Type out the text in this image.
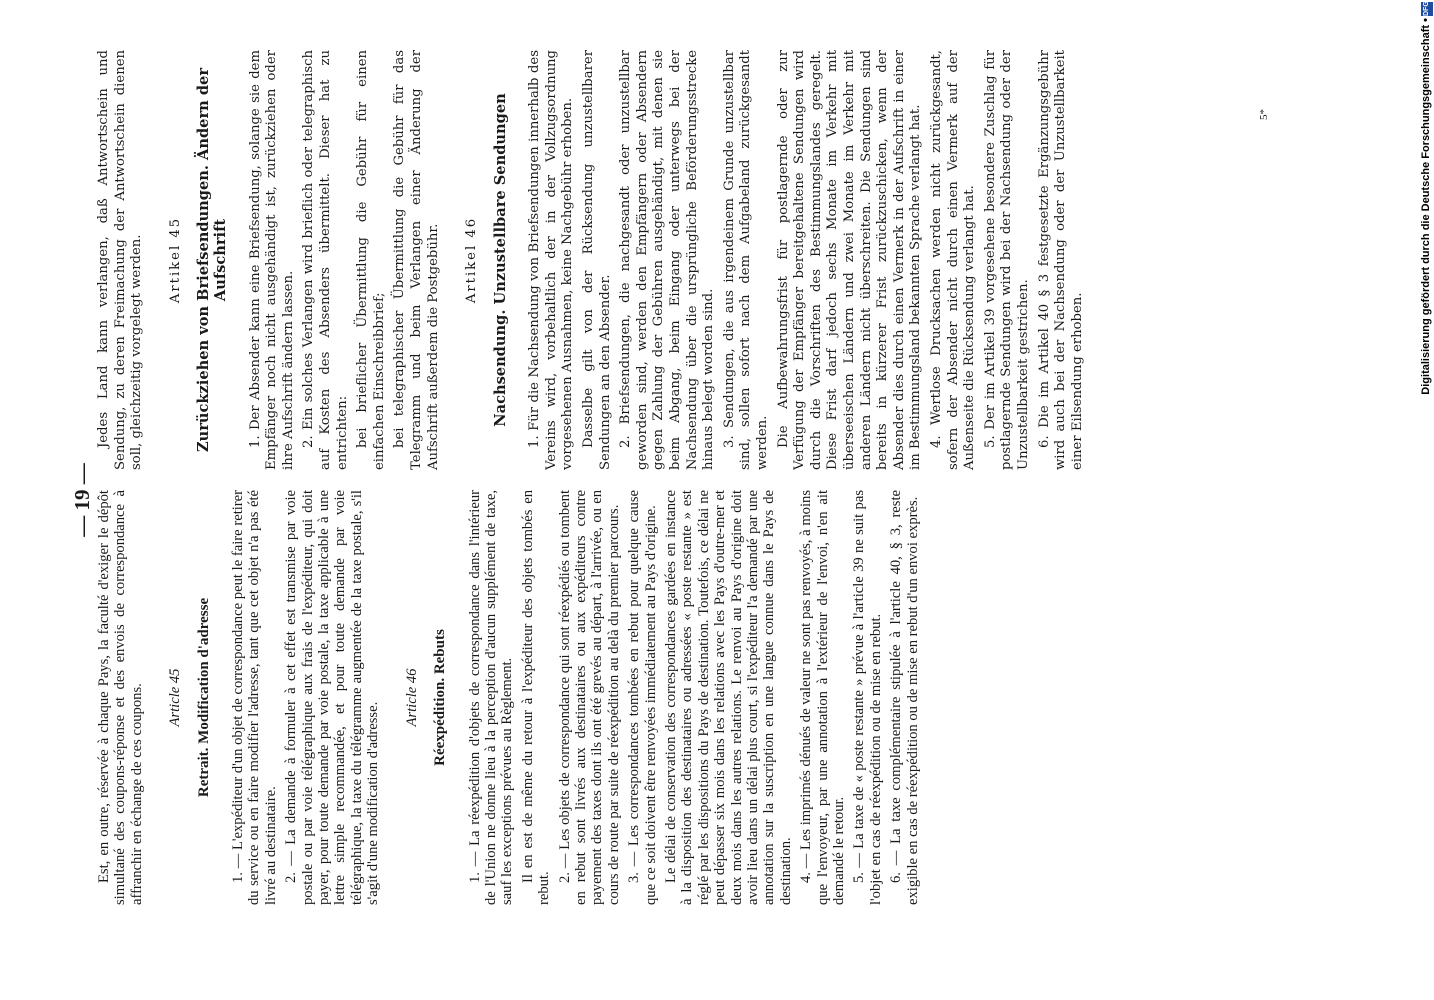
— 19 — Est, en outre, réservée à chaque Pays, la faculté d'exiger le dépôt simultané des coupons-réponse et des envois de correspondance à affranchir en échange de ces coupons. Article 45 Retrait. Modification d'adresse 1. — L'expéditeur d'un objet de correspondance peut le faire retirer du service ou en faire modifier l'adresse, tant que cet objet n'a pas été livré au destinataire. 2. — La demande à formuler à cet effet est transmise par voie postale ou par voie télégraphique aux frais de l'expéditeur, qui doit payer, pour toute demande par voie postale, la taxe applicable à une lettre simple recommandée, et pour toute demande par voie télégraphique, la taxe du télégramme augmentée de la taxe postale, s'il s'agit d'une modification d'adresse.

Article 46 Réexpédition. Rebuts 1. — La réexpédition d'objets de correspondance dans l'intérieur de l'Union ne donne lieu à la perception d'aucun supplément de taxe, sauf les exceptions prévues au Règlement. Il en est de même du retour à l'expéditeur des objets tombés en rebut.

2. — Les objets de correspondance qui sont réexpédiés ou tombent en rebut sont livrés aux destinataires ou aux expéditeurs contre payement des taxes dont ils ont été grevés au départ, à l'arrivée, ou en cours de route par suite de réexpédition au delà du premier parcours. 3. — Les correspondances tombées en rebut pour quelque cause que ce soit doivent être renvoyées immédiatement au Pays d'origine. Le délai de conservation des correspondances gardées en instance à la disposition des destinataires ou adressées « poste restante » est réglé par les dispositions du Pays de destination. Toutefois, ce délai ne peut dépasser six mois dans les relations avec les Pays d'outre-mer et deux mois dans les autres relations. Le renvoi au Pays d'origine doit avoir lieu dans un délai plus court, si l'expéditeur l'a demandé par une annotation sur la suscription en une langue connue dans le Pays de destination. 4. — Les imprimés dénués de valeur ne sont pas renvoyés, à moins que l'envoyeur, par une annotation à l'extérieur de l'envoi, n'en ait demandé le retour. 5. — La taxe de « poste restante » prévue à l'article 39 ne suit pas l'objet en cas de réexpédition ou de mise en rebut. 6. — La taxe complémentaire stipulée à l'article 40, § 3, reste exigible en cas de réexpédition ou de mise en rebut d'un envoi exprès.

Jedes Land kann verlangen, daß Antwortschein und Sendung, zu deren Freimachung der Antwortschein dienen soll, gleichzeitig vorgelegt werden. Artikel 45 Zurückziehen von Briefsendungen. Ändern der Aufschrift 1. Der Absender kann eine Briefsendung, solange sie dem Empfänger noch nicht ausgehändigt ist, zurückziehen oder ihre Aufschrift ändern lassen. 2. Ein solches Verlangen wird brieflich oder telegraphisch auf Kosten des Absenders übermittelt. Dieser hat zu entrichten: bei brieflicher Übermittlung die Gebühr für einen einfachen Einschreibbrief; bei telegraphischer Übermittlung die Gebühr für das Telegramm und beim Verlangen einer Änderung der Aufschrift außerdem die Postgebühr. Artikel 46 Nachsendung. Unzustellbare Sendungen 1. Für die Nachsendung von Briefsendungen innerhalb des Vereins wird, vorbehaltlich der in der Vollzugsordnung vorgesehenen Ausnahmen, keine Nachgebühr erhoben. Dasselbe gilt von der Rücksendung unzustellbarer Sendungen an den Absender. 2. Briefsendungen, die nachgesandt oder unzustellbar geworden sind, werden den Empfängern oder Absendern gegen Zahlung der Gebühren ausgehändigt, mit denen sie beim Abgang, beim Eingang oder unterwegs bei der Nachsendung über die ursprüngliche Beförderungsstrecke hinaus belegt worden sind. 3. Sendungen, die aus irgendeinem Grunde unzustellbar sind, sollen sofort nach dem Aufgabeland zurückgesandt werden. Die Aufbewahrungsfrist für postlagernde oder zur Verfügung der Empfänger bereitgehaltene Sendungen wird durch die Vorschriften des Bestimmungslandes geregelt. Diese Frist darf jedoch sechs Monate im Verkehr mit überseeischen Ländern und zwei Monate im Verkehr mit anderen Ländern nicht überschreiten. Die Sendungen sind bereits in kürzerer Frist zurückzuschicken, wenn der Absender dies durch einen Vermerk in der Aufschrift in einer im Bestimmungsland bekannten Sprache verlangt hat. 4. Wertlose Drucksachen werden nicht zurückgesandt, sofern der Absender nicht durch einen Vermerk auf der Außenseite die Rücksendung verlangt hat. 5. Der im Artikel 39 vorgesehene besondere Zuschlag für postlagernde Sendungen wird bei der Nachsendung oder der Unzustellbarkeit gestrichen. 6. Die im Artikel 40 § 3 festgesetzte Ergänzungsgebühr wird auch bei der Nachsendung oder der Unzustellbarkeit einer Eilsendung erhoben.

5*	Digitalisierung gefördert durch die Deutsche Forschungsgemeinschaft •
DFG
